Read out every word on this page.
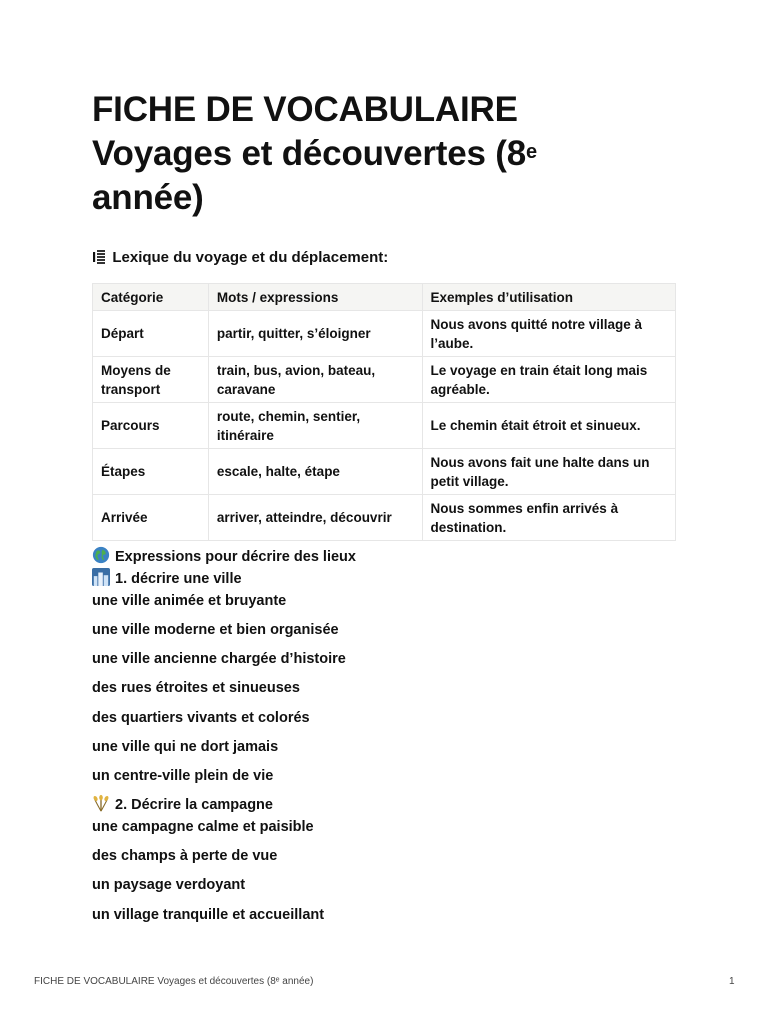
FICHE DE VOCABULAIRE
Voyages et découvertes (8e
année)
I Lexique du voyage et du déplacement:
Catégorie	Mots / expressions	Exemples d’utilisation
Départ	partir, quitter, s’éloigner	Nous avons quitté notre village à l’aube.
Moyens de transport	train, bus, avion, bateau, caravane	Le voyage en train était long mais agréable.
Parcours	route, chemin, sentier, itinéraire	Le chemin était étroit et sinueux.
Étapes	escale, halte, étape	Nous avons fait une halte dans un petit village.
Arrivée	arriver, atteindre, découvrir	Nous sommes enfin arrivés à destination.
Expressions pour décrire des lieux
1. décrire une ville
une ville animée et bruyante
une ville moderne et bien organisée
une ville ancienne chargée d’histoire
des rues étroites et sinueuses
des quartiers vivants et colorés
une ville qui ne dort jamais
un centre-ville plein de vie
2. Décrire la campagne
une campagne calme et paisible
des champs à perte de vue
un paysage verdoyant
un village tranquille et accueillant
FICHE DE VOCABULAIRE Voyages et découvertes (8ᵉ année)	1
